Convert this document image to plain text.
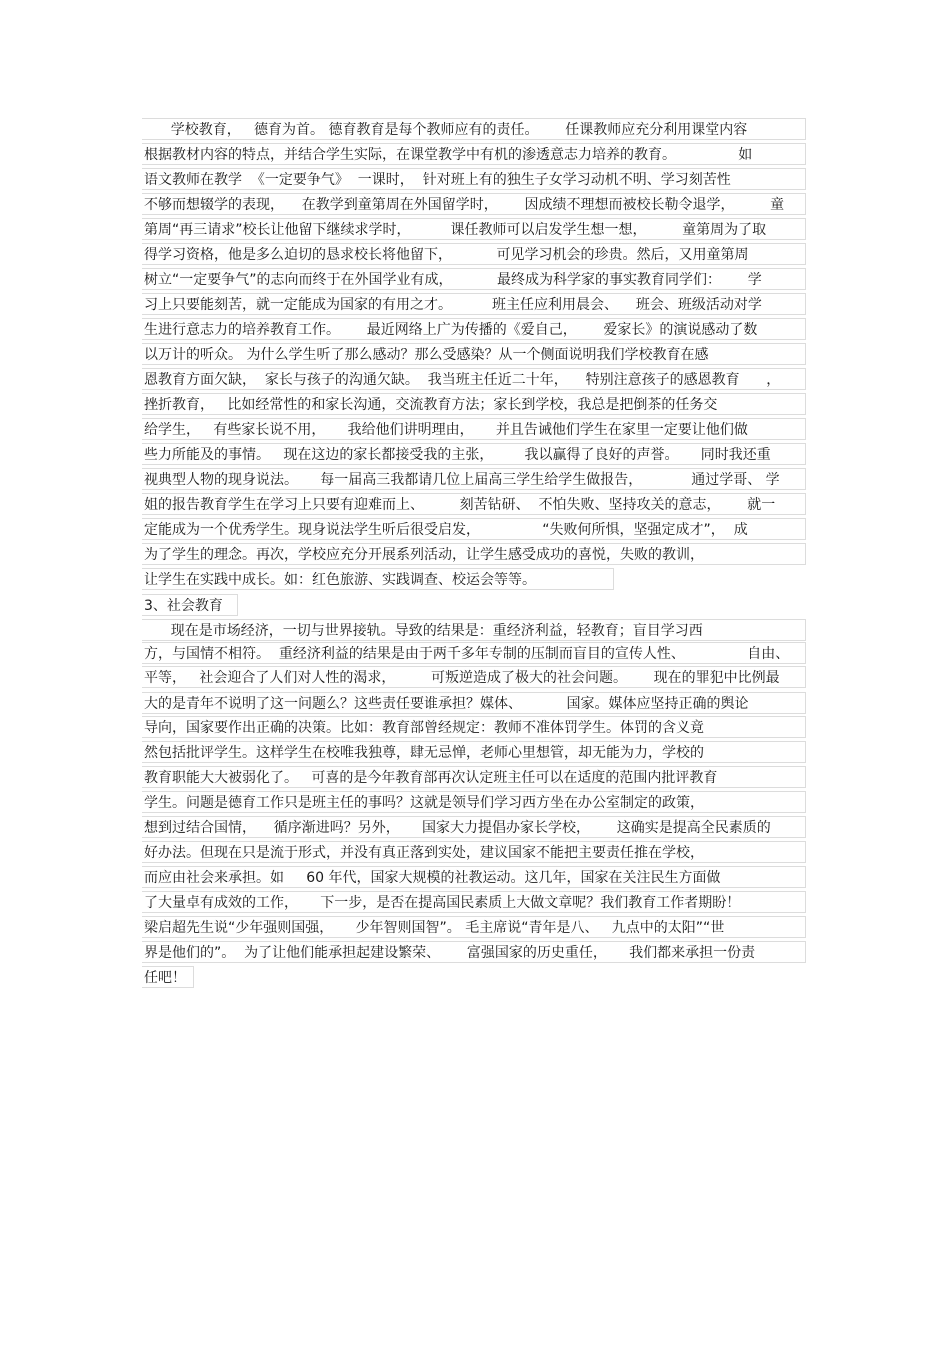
学校教育，   德育为首。 德育教育是每个教师应有的责任。      任课教师应充分利用课堂内容
根据教材内容的特点，并结合学生实际，在课堂教学中有机的渗透意志力培养的教育。              如
语文教师在教学  《一定要争气》  一课时，  针对班上有的独生子女学习动机不明、学习刻苦性
不够而想辍学的表现，    在教学到童第周在外国留学时，      因成绩不理想而被校长勒令退学，        童
第周“再三请求”校长让他留下继续求学时，         课任教师可以启发学生想一想，        童第周为了取
得学习资格，他是多么迫切的恳求校长将他留下，          可见学习机会的珍贵。然后，又用童第周
树立“一定要争气”的志向而终于在外国学业有成，          最终成为科学家的事实教育同学们：      学
习上只要能刻苦，就一定能成为国家的有用之才。         班主任应利用晨会、    班会、班级活动对学
生进行意志力的培养教育工作。      最近网络上广为传播的《爱自己，      爱家长》的演说感动了数
以万计的听众。 为什么学生听了那么感动？那么受感染？从一个侧面说明我们学校教育在感
恩教育方面欠缺，  家长与孩子的沟通欠缺。  我当班主任近二十年，    特别注意孩子的感恩教育      ，
挫折教育，   比如经常性的和家长沟通，交流教育方法；家长到学校，我总是把倒茶的任务交
给学生，   有些家长说不用，     我给他们讲明理由，     并且告诫他们学生在家里一定要让他们做
些力所能及的事情。   现在这边的家长都接受我的主张，       我以赢得了良好的声誉。     同时我还重
视典型人物的现身说法。     每一届高三我都请几位上届高三学生给学生做报告，           通过学哥、 学
姐的报告教育学生在学习上只要有迎难而上、        刻苦钻研、  不怕失败、坚持攻关的意志，      就一
定能成为一个优秀学生。现身说法学生听后很受启发，              “失败何所惧，坚强定成才”，  成
为了学生的理念。再次，学校应充分开展系列活动，让学生感受成功的喜悦，失败的教训，
让学生在实践中成长。如：红色旅游、实践调查、校运会等等。
3、社会教育
现在是市场经济，一切与世界接轨。导致的结果是：重经济利益，轻教育；盲目学习西
方，与国情不相符。  重经济利益的结果是由于两千多年专制的压制而盲目的宣传人性、              自由、
平等，   社会迎合了人们对人性的渴求，        可叛逆造成了极大的社会问题。      现在的罪犯中比例最
大的是青年不说明了这一问题么？这些责任要谁承担？媒体、          国家。媒体应坚持正确的舆论
导向，国家要作出正确的决策。比如：教育部曾经规定：教师不准体罚学生。体罚的含义竟
然包括批评学生。这样学生在校唯我独尊，肆无忌惮，老师心里想管，却无能为力，学校的
教育职能大大被弱化了。   可喜的是今年教育部再次认定班主任可以在适度的范围内批评教育
学生。问题是德育工作只是班主任的事吗？这就是领导们学习西方坐在办公室制定的政策，
想到过结合国情，    循序渐进吗？另外，     国家大力提倡办家长学校，      这确实是提高全民素质的
好办法。但现在只是流于形式，并没有真正落到实处，建议国家不能把主要责任推在学校，
而应由社会来承担。如     60 年代，国家大规模的社教运动。这几年，国家在关注民生方面做
了大量卓有成效的工作，     下一步，是否在提高国民素质上大做文章呢？我们教育工作者期盼！
梁启超先生说“少年强则国强，     少年智则国智”。 毛主席说“青年是八、   九点中的太阳”“世
界是他们的”。  为了让他们能承担起建设繁荣、      富强国家的历史重任，     我们都来承担一份责
任吧！
